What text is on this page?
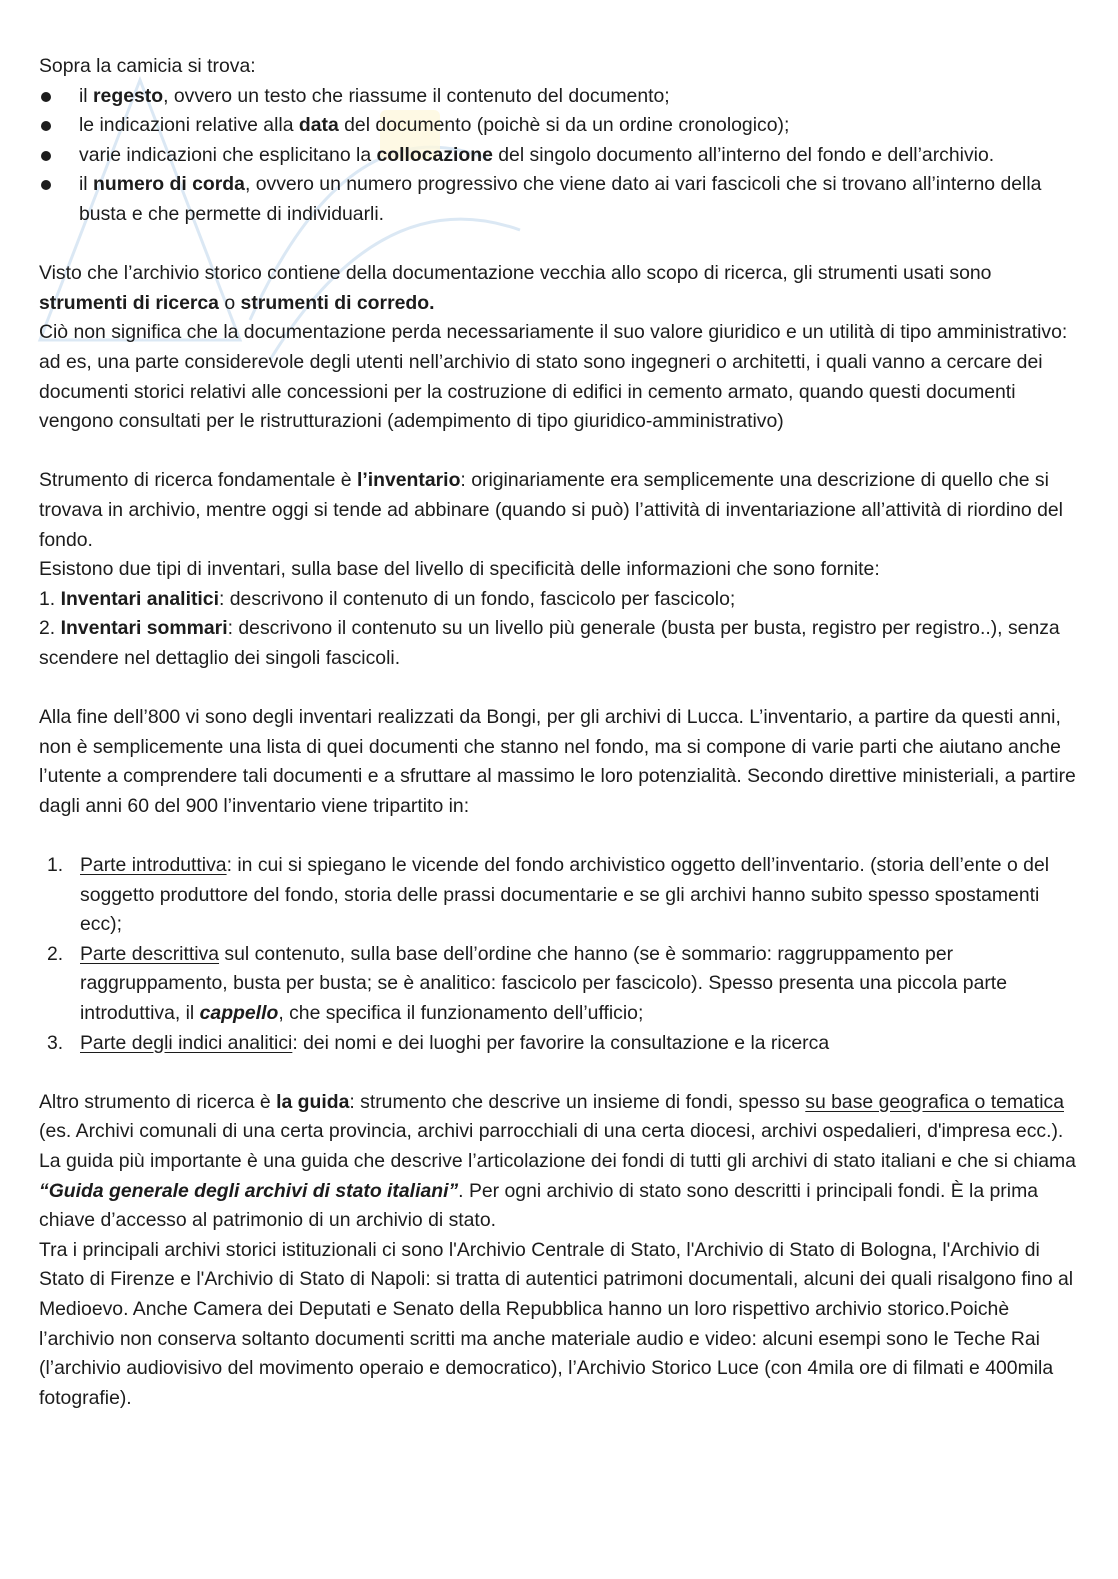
Sopra la camicia si trova:

il regesto, ovvero un testo che riassume il contenuto del documento;
le indicazioni relative alla data del documento (poichè si da un ordine cronologico);
varie indicazioni che esplicitano la collocazione del singolo documento all’interno del fondo e dell’archivio.
il numero di corda, ovvero un numero progressivo che viene dato ai vari fascicoli che si trovano all’interno della busta e che permette di individuarli.

Visto che l’archivio storico contiene della documentazione vecchia allo scopo di ricerca, gli strumenti usati sono strumenti di ricerca o strumenti di corredo.

Ciò non significa che la documentazione perda necessariamente il suo valore giuridico e un utilità di tipo amministrativo:

ad es, una parte considerevole degli utenti nell’archivio di stato sono ingegneri o architetti, i quali vanno a cercare dei documenti storici relativi alle concessioni per la costruzione di edifici in cemento armato, quando questi documenti vengono consultati per le ristrutturazioni (adempimento di tipo giuridico-amministrativo)

Strumento di ricerca fondamentale è l’inventario: originariamente era semplicemente una descrizione di quello che si trovava in archivio, mentre oggi si tende ad abbinare (quando si può) l’attività di inventariazione all’attività di riordino del fondo.

Esistono due tipi di inventari, sulla base del livello di specificità delle informazioni che sono fornite:

1. Inventari analitici: descrivono il contenuto di un fondo, fascicolo per fascicolo;

2. Inventari sommari: descrivono il contenuto su un livello più generale (busta per busta, registro per registro..), senza scendere nel dettaglio dei singoli fascicoli.

Alla fine dell’800 vi sono degli inventari realizzati da Bongi, per gli archivi di Lucca. L’inventario, a partire da questi anni, non è semplicemente una lista di quei documenti che stanno nel fondo, ma si compone di varie parti che aiutano anche l’utente a comprendere tali documenti e a sfruttare al massimo le loro potenzialità. Secondo direttive ministeriali, a partire dagli anni 60 del 900 l’inventario viene tripartito in:

1. Parte introduttiva: in cui si spiegano le vicende del fondo archivistico oggetto dell’inventario. (storia dell’ente o del soggetto produttore del fondo, storia delle prassi documentarie e se gli archivi hanno subito spesso spostamenti ecc);
2. Parte descrittiva sul contenuto, sulla base dell’ordine che hanno (se è sommario: raggruppamento per raggruppamento, busta per busta; se è analitico: fascicolo per fascicolo). Spesso presenta una piccola parte introduttiva, il cappello, che specifica il funzionamento dell’ufficio;
3. Parte degli indici analitici: dei nomi e dei luoghi per favorire la consultazione e la ricerca

Altro strumento di ricerca è la guida: strumento che descrive un insieme di fondi, spesso su base geografica o tematica (es. Archivi comunali di una certa provincia, archivi parrocchiali di una certa diocesi, archivi ospedalieri, d'impresa ecc.).

La guida più importante è una guida che descrive l’articolazione dei fondi di tutti gli archivi di stato italiani e che si chiama “Guida generale degli archivi di stato italiani”. Per ogni archivio di stato sono descritti i principali fondi. È la prima chiave d’accesso al patrimonio di un archivio di stato.

Tra i principali archivi storici istituzionali ci sono l'Archivio Centrale di Stato, l'Archivio di Stato di Bologna, l'Archivio di Stato di Firenze e l'Archivio di Stato di Napoli: si tratta di autentici patrimoni documentali, alcuni dei quali risalgono fino al Medioevo. Anche Camera dei Deputati e Senato della Repubblica hanno un loro rispettivo archivio storico.Poichè l’archivio non conserva soltanto documenti scritti ma anche materiale audio e video: alcuni esempi sono le Teche Rai (l’archivio audiovisivo del movimento operaio e democratico), l’Archivio Storico Luce (con 4mila ore di filmati e 400mila fotografie).
